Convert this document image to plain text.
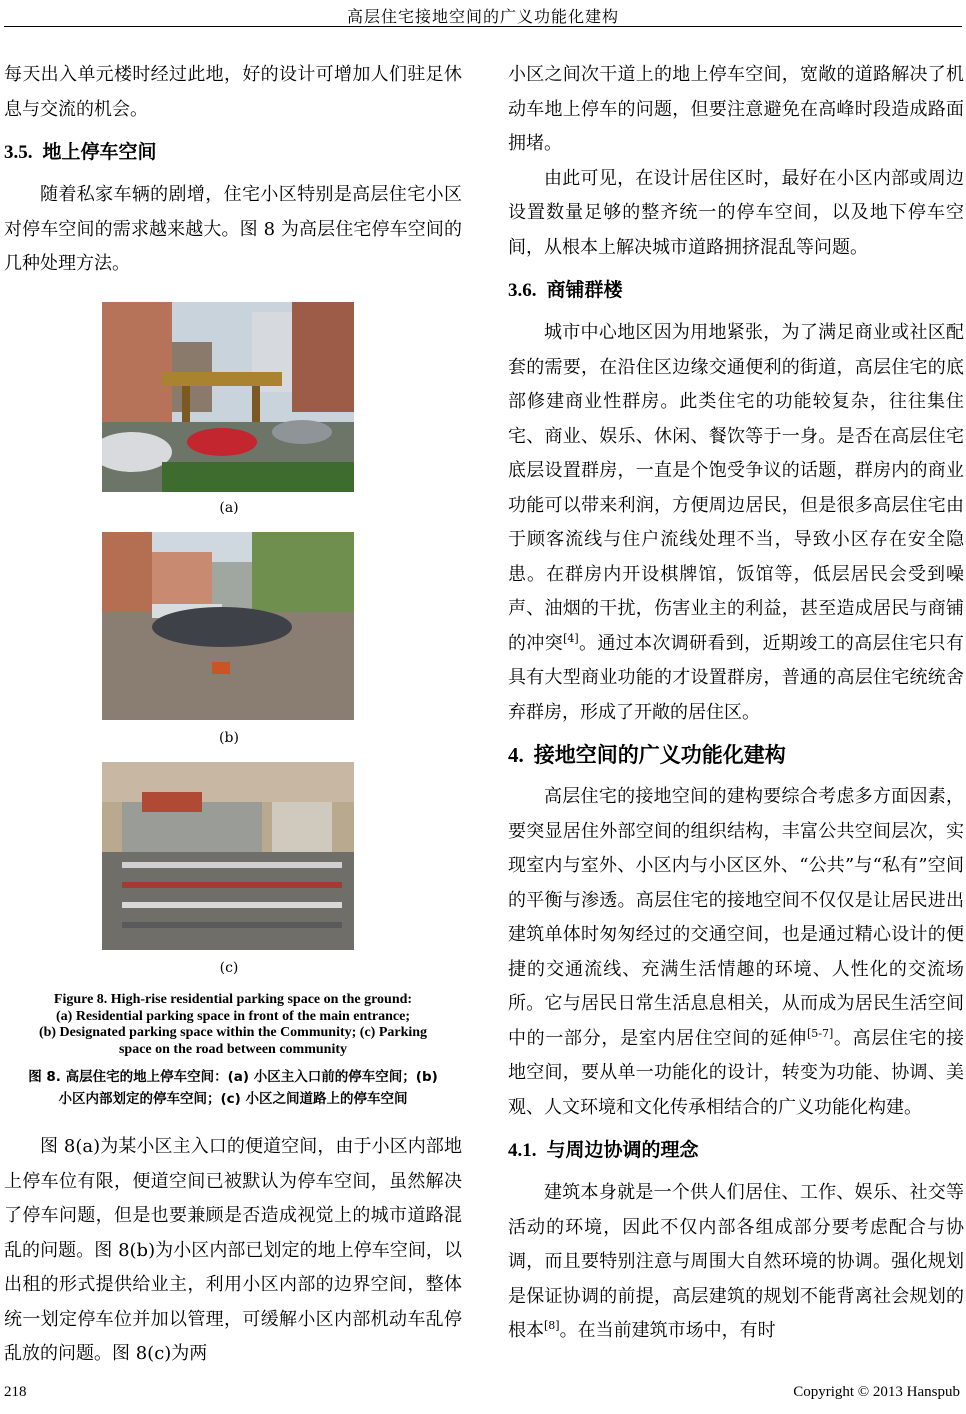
高层住宅接地空间的广义功能化建构

每天出入单元楼时经过此地，好的设计可增加人们驻足休息与交流的机会。

3.5. 地上停车空间

随着私家车辆的剧增，住宅小区特别是高层住宅小区对停车空间的需求越来越大。图 8 为高层住宅停车空间的几种处理方法。

(a)
(b)
(c)
Figure 8. High-rise residential parking space on the ground:
(a) Residential parking space in front of the main entrance;
(b) Designated parking space within the Community; (c) Parking
space on the road between community
图 8. 高层住宅的地上停车空间：(a) 小区主入口前的停车空间；(b)
小区内部划定的停车空间；(c) 小区之间道路上的停车空间

图 8(a)为某小区主入口的便道空间，由于小区内部地上停车位有限，便道空间已被默认为停车空间，虽然解决了停车问题，但是也要兼顾是否造成视觉上的城市道路混乱的问题。图 8(b)为小区内部已划定的地上停车空间，以出租的形式提供给业主，利用小区内部的边界空间，整体统一划定停车位并加以管理，可缓解小区内部机动车乱停乱放的问题。图 8(c)为两

小区之间次干道上的地上停车空间，宽敞的道路解决了机动车地上停车的问题，但要注意避免在高峰时段造成路面拥堵。

由此可见，在设计居住区时，最好在小区内部或周边设置数量足够的整齐统一的停车空间，以及地下停车空间，从根本上解决城市道路拥挤混乱等问题。

3.6. 商铺群楼

城市中心地区因为用地紧张，为了满足商业或社区配套的需要，在沿住区边缘交通便利的街道，高层住宅的底部修建商业性群房。此类住宅的功能较复杂，往往集住宅、商业、娱乐、休闲、餐饮等于一身。是否在高层住宅底层设置群房，一直是个饱受争议的话题，群房内的商业功能可以带来利润，方便周边居民，但是很多高层住宅由于顾客流线与住户流线处理不当，导致小区存在安全隐患。在群房内开设棋牌馆，饭馆等，低层居民会受到噪声、油烟的干扰，伤害业主的利益，甚至造成居民与商铺的冲突[4]。通过本次调研看到，近期竣工的高层住宅只有具有大型商业功能的才设置群房，普通的高层住宅统统舍弃群房，形成了开敞的居住区。

4. 接地空间的广义功能化建构

高层住宅的接地空间的建构要综合考虑多方面因素，要突显居住外部空间的组织结构，丰富公共空间层次，实现室内与室外、小区内与小区区外、“公共”与“私有”空间的平衡与渗透。高层住宅的接地空间不仅仅是让居民进出建筑单体时匆匆经过的交通空间，也是通过精心设计的便捷的交通流线、充满生活情趣的环境、人性化的交流场所。它与居民日常生活息息相关，从而成为居民生活空间中的一部分，是室内居住空间的延伸[5-7]。高层住宅的接地空间，要从单一功能化的设计，转变为功能、协调、美观、人文环境和文化传承相结合的广义功能化构建。

4.1. 与周边协调的理念

建筑本身就是一个供人们居住、工作、娱乐、社交等活动的环境，因此不仅内部各组成部分要考虑配合与协调，而且要特别注意与周围大自然环境的协调。强化规划是保证协调的前提，高层建筑的规划不能背离社会规划的根本[8]。在当前建筑市场中，有时

218	Copyright © 2013 Hanspub
